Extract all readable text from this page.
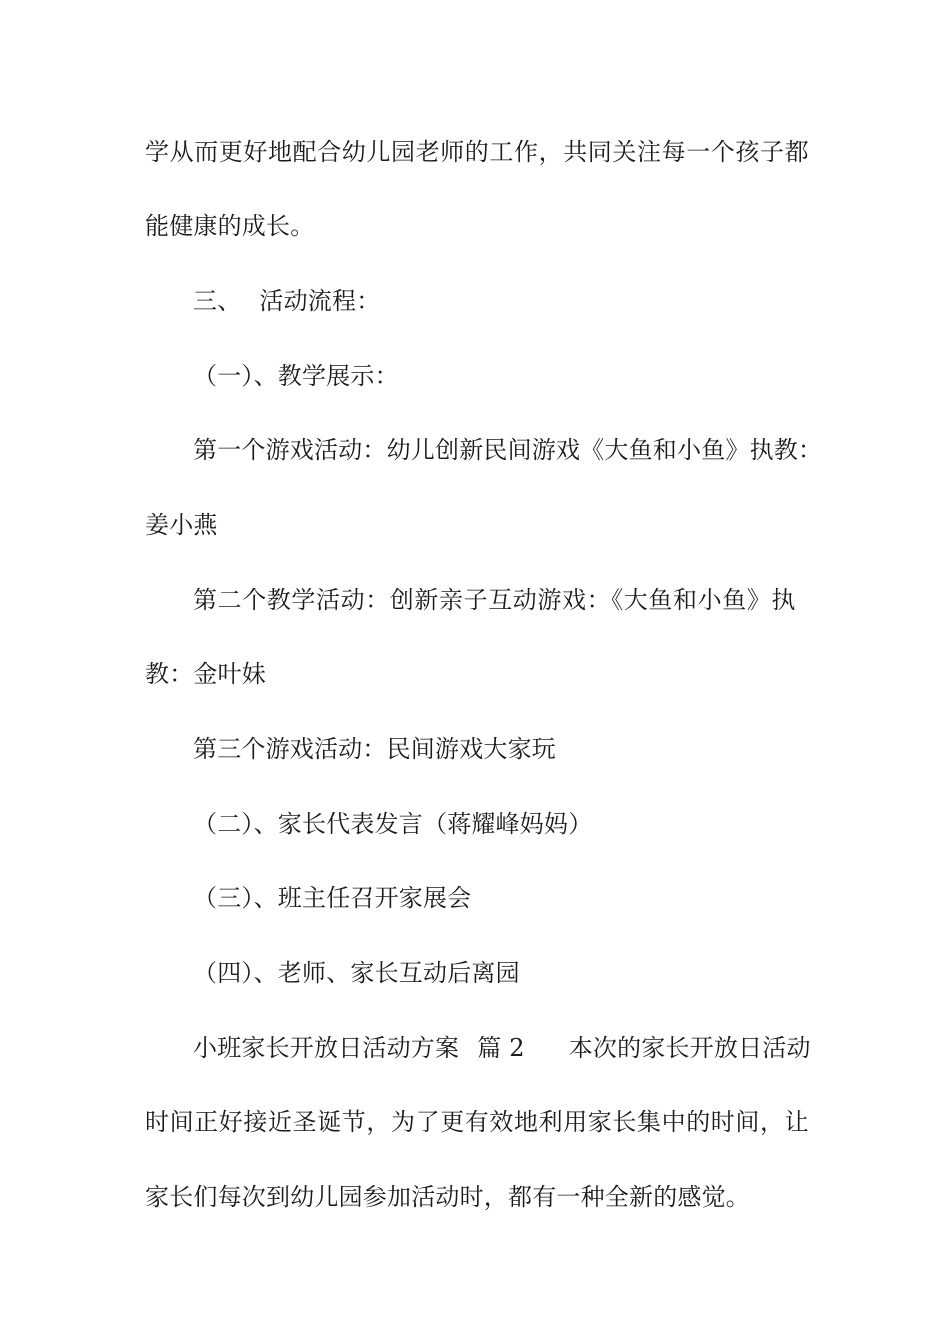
学从而更好地配合幼儿园老师的工作，共同关注每一个孩子都
能健康的成长。
三、 活动流程：
（一）、教学展示：
第一个游戏活动：幼儿创新民间游戏《大鱼和小鱼》执教：
姜小燕
第二个教学活动：创新亲子互动游戏：《大鱼和小鱼》执
教：金叶妹
第三个游戏活动：民间游戏大家玩
（二）、家长代表发言（蒋耀峰妈妈）
（三）、班主任召开家展会
（四）、老师、家长互动后离园
小班家长开放日活动方案 篇 2 本次的家长开放日活动
时间正好接近圣诞节，为了更有效地利用家长集中的时间，让
家长们每次到幼儿园参加活动时，都有一种全新的感觉。
